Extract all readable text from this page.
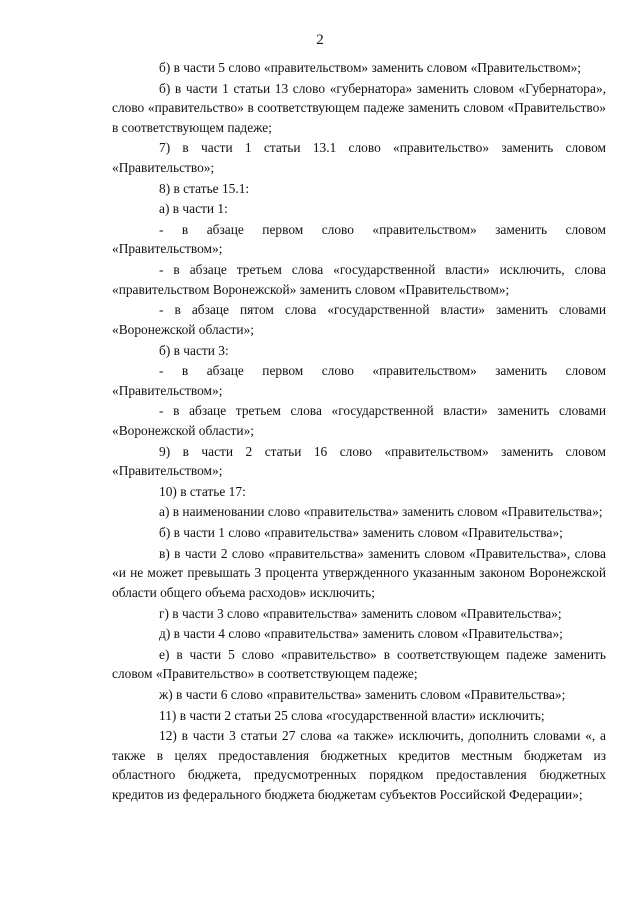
2

б) в части 5 слово «правительством» заменить словом «Правительством»;

б) в части 1 статьи 13 слово «губернатора» заменить словом «Губернатора», слово «правительство» в соответствующем падеже заменить словом «Правительство» в соответствующем падеже;

7) в части 1 статьи 13.1 слово «правительство» заменить словом «Правительство»;

8) в статье 15.1:

а) в части 1:

- в абзаце первом слово «правительством» заменить словом «Правительством»;

- в абзаце третьем слова «государственной власти» исключить, слова «правительством Воронежской» заменить словом «Правительством»;

- в абзаце пятом слова «государственной власти» заменить словами «Воронежской области»;

б) в части 3:

- в абзаце первом слово «правительством» заменить словом «Правительством»;

- в абзаце третьем слова «государственной власти» заменить словами «Воронежской области»;

9) в части 2 статьи 16 слово «правительством» заменить словом «Правительством»;

10) в статье 17:

а) в наименовании слово «правительства» заменить словом «Правительства»;

б) в части 1 слово «правительства» заменить словом «Правительства»;

в) в части 2 слово «правительства» заменить словом «Правительства», слова «и не может превышать 3 процента утвержденного указанным законом Воронежской области общего объема расходов» исключить;

г) в части 3 слово «правительства» заменить словом «Правительства»;

д) в части 4 слово «правительства» заменить словом «Правительства»;

е) в части 5 слово «правительство» в соответствующем падеже заменить словом «Правительство» в соответствующем падеже;

ж) в части 6 слово «правительства» заменить словом «Правительства»;

11) в части 2 статьи 25 слова «государственной власти» исключить;

12) в части 3 статьи 27 слова «а также» исключить, дополнить словами «, а также в целях предоставления бюджетных кредитов местным бюджетам из областного бюджета, предусмотренных порядком предоставления бюджетных кредитов из федерального бюджета бюджетам субъектов Российской Федерации»;
